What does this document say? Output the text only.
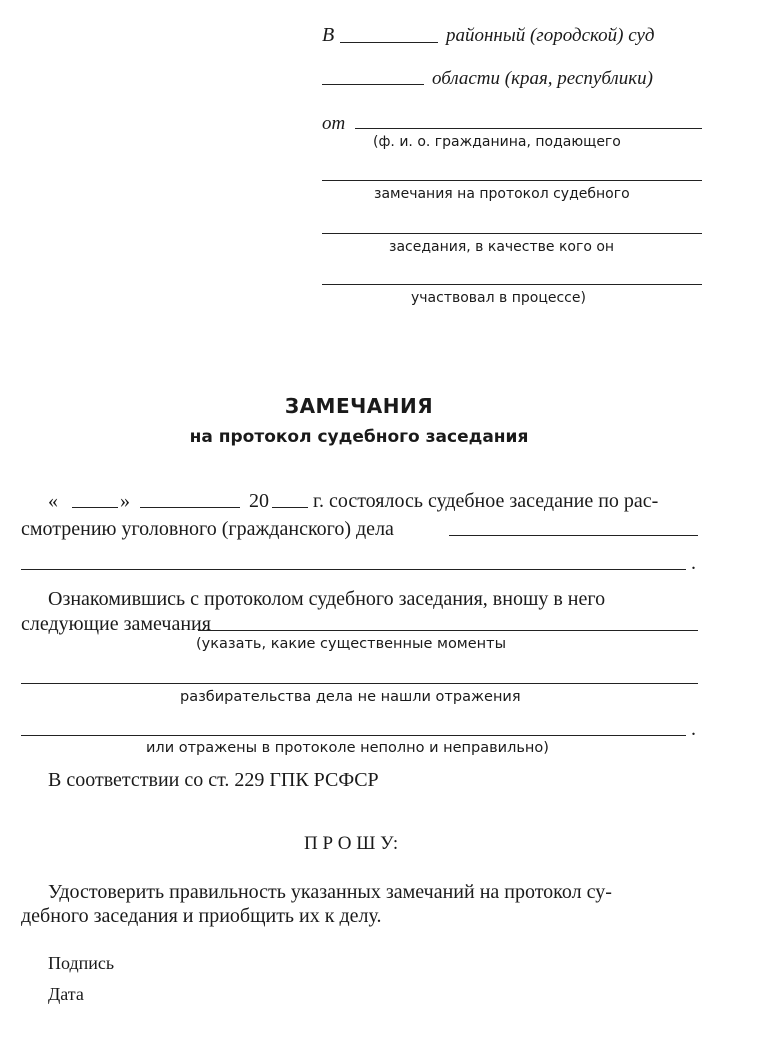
В	районный (городской) суд
области (края, республики)
от
(ф. и. о. гражданина, подающего
замечания на протокол судебного
заседания, в качестве кого он
участвовал в процессе)
ЗАМЕЧАНИЯ
на протокол судебного заседания
«	»	20 г. состоялось судебное заседание по рас-
смотрению уголовного (гражданского) дела
.
Ознакомившись с протоколом судебного заседания, вношу в него
следующие замечания
(указать, какие существенные моменты
разбирательства дела не нашли отражения
.
или отражены в протоколе неполно и неправильно)
В соответствии со ст. 229 ГПК РСФСР
П Р О Ш У:
Удостоверить правильность указанных замечаний на протокол су-
дебного заседания и приобщить их к делу.
Подпись
Дата
